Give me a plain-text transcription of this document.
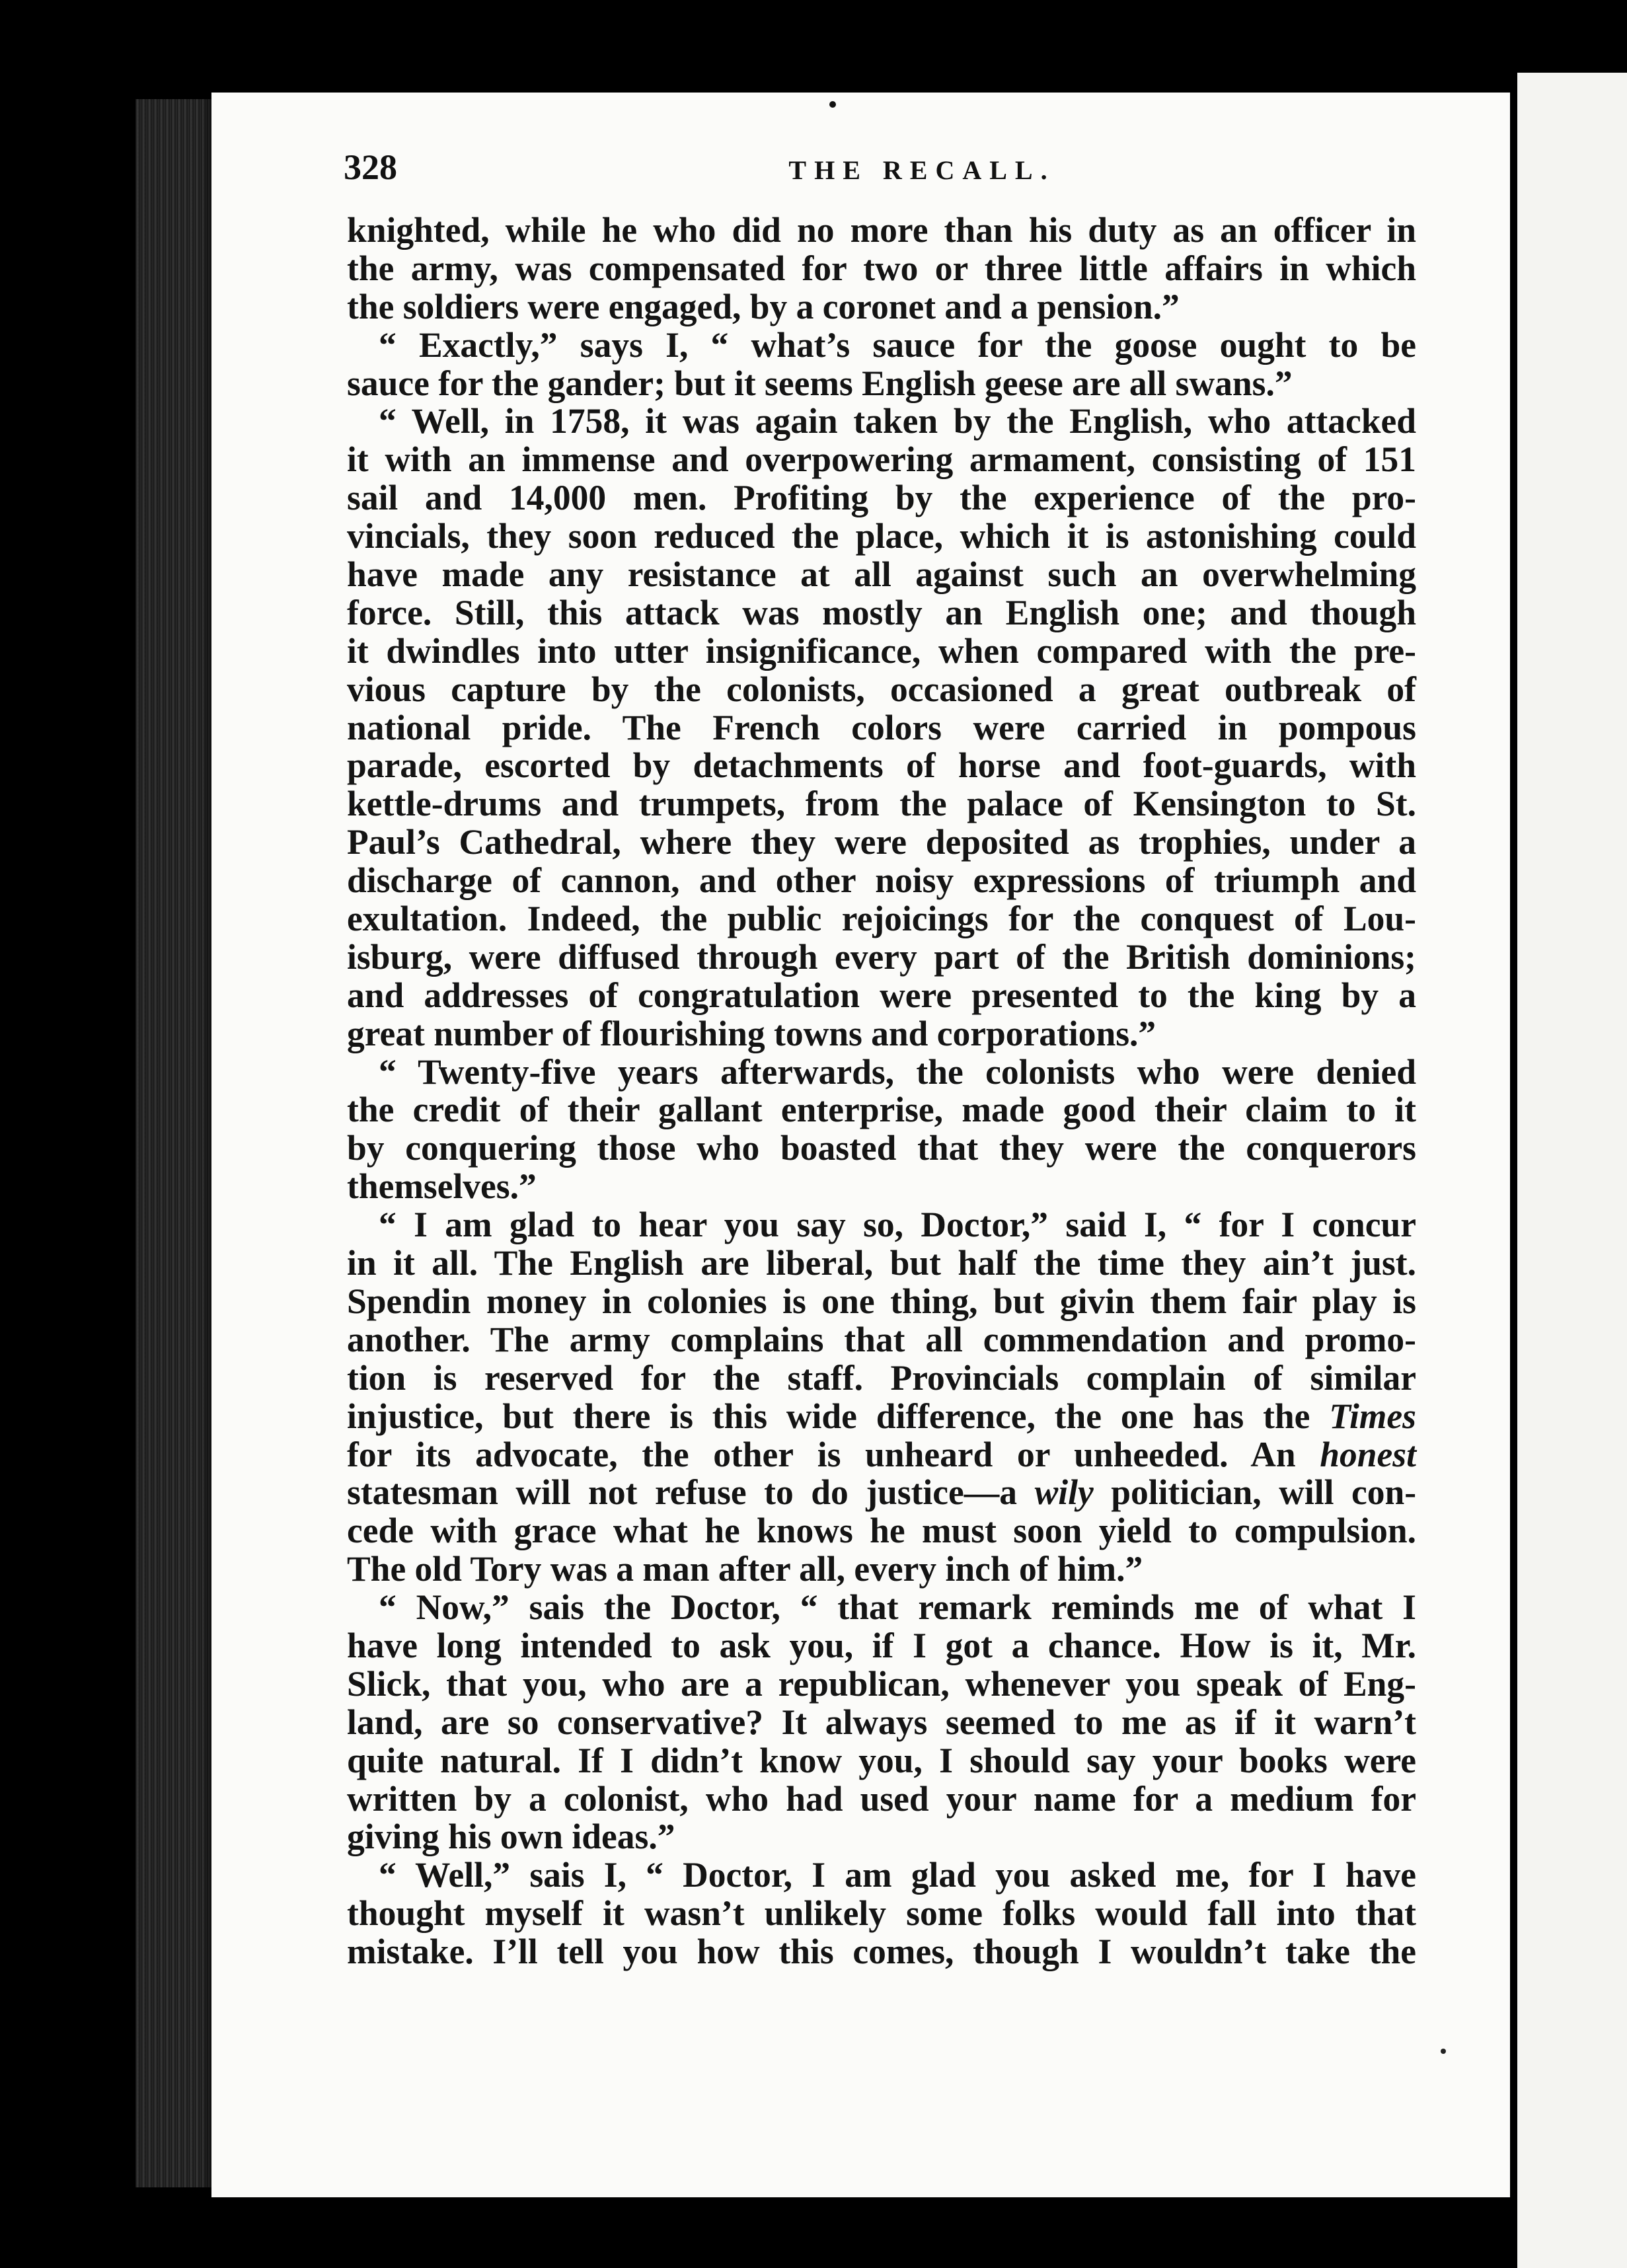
328	THE RECALL.
knighted, while he who did no more than his duty as an officer in
the army, was compensated for two or three little affairs in which
the soldiers were engaged, by a coronet and a pension.”
“ Exactly,” says I, “ what’s sauce for the goose ought to be
sauce for the gander; but it seems English geese are all swans.”
“ Well, in 1758, it was again taken by the English, who attacked
it with an immense and overpowering armament, consisting of 151
sail and 14,000 men. Profiting by the experience of the pro-
vincials, they soon reduced the place, which it is astonishing could
have made any resistance at all against such an overwhelming
force. Still, this attack was mostly an English one; and though
it dwindles into utter insignificance, when compared with the pre-
vious capture by the colonists, occasioned a great outbreak of
national pride. The French colors were carried in pompous
parade, escorted by detachments of horse and foot-guards, with
kettle-drums and trumpets, from the palace of Kensington to St.
Paul’s Cathedral, where they were deposited as trophies, under a
discharge of cannon, and other noisy expressions of triumph and
exultation. Indeed, the public rejoicings for the conquest of Lou-
isburg, were diffused through every part of the British dominions;
and addresses of congratulation were presented to the king by a
great number of flourishing towns and corporations.”
“ Twenty-five years afterwards, the colonists who were denied
the credit of their gallant enterprise, made good their claim to it
by conquering those who boasted that they were the conquerors
themselves.”
“ I am glad to hear you say so, Doctor,” said I, “ for I concur
in it all. The English are liberal, but half the time they ain’t just.
Spendin money in colonies is one thing, but givin them fair play is
another. The army complains that all commendation and promo-
tion is reserved for the staff. Provincials complain of similar
injustice, but there is this wide difference, the one has the Times
for its advocate, the other is unheard or unheeded. An honest
statesman will not refuse to do justice—a wily politician, will con-
cede with grace what he knows he must soon yield to compulsion.
The old Tory was a man after all, every inch of him.”
“ Now,” sais the Doctor, “ that remark reminds me of what I
have long intended to ask you, if I got a chance. How is it, Mr.
Slick, that you, who are a republican, whenever you speak of Eng-
land, are so conservative? It always seemed to me as if it warn’t
quite natural. If I didn’t know you, I should say your books were
written by a colonist, who had used your name for a medium for
giving his own ideas.”
“ Well,” sais I, “ Doctor, I am glad you asked me, for I have
thought myself it wasn’t unlikely some folks would fall into that
mistake. I’ll tell you how this comes, though I wouldn’t take the
